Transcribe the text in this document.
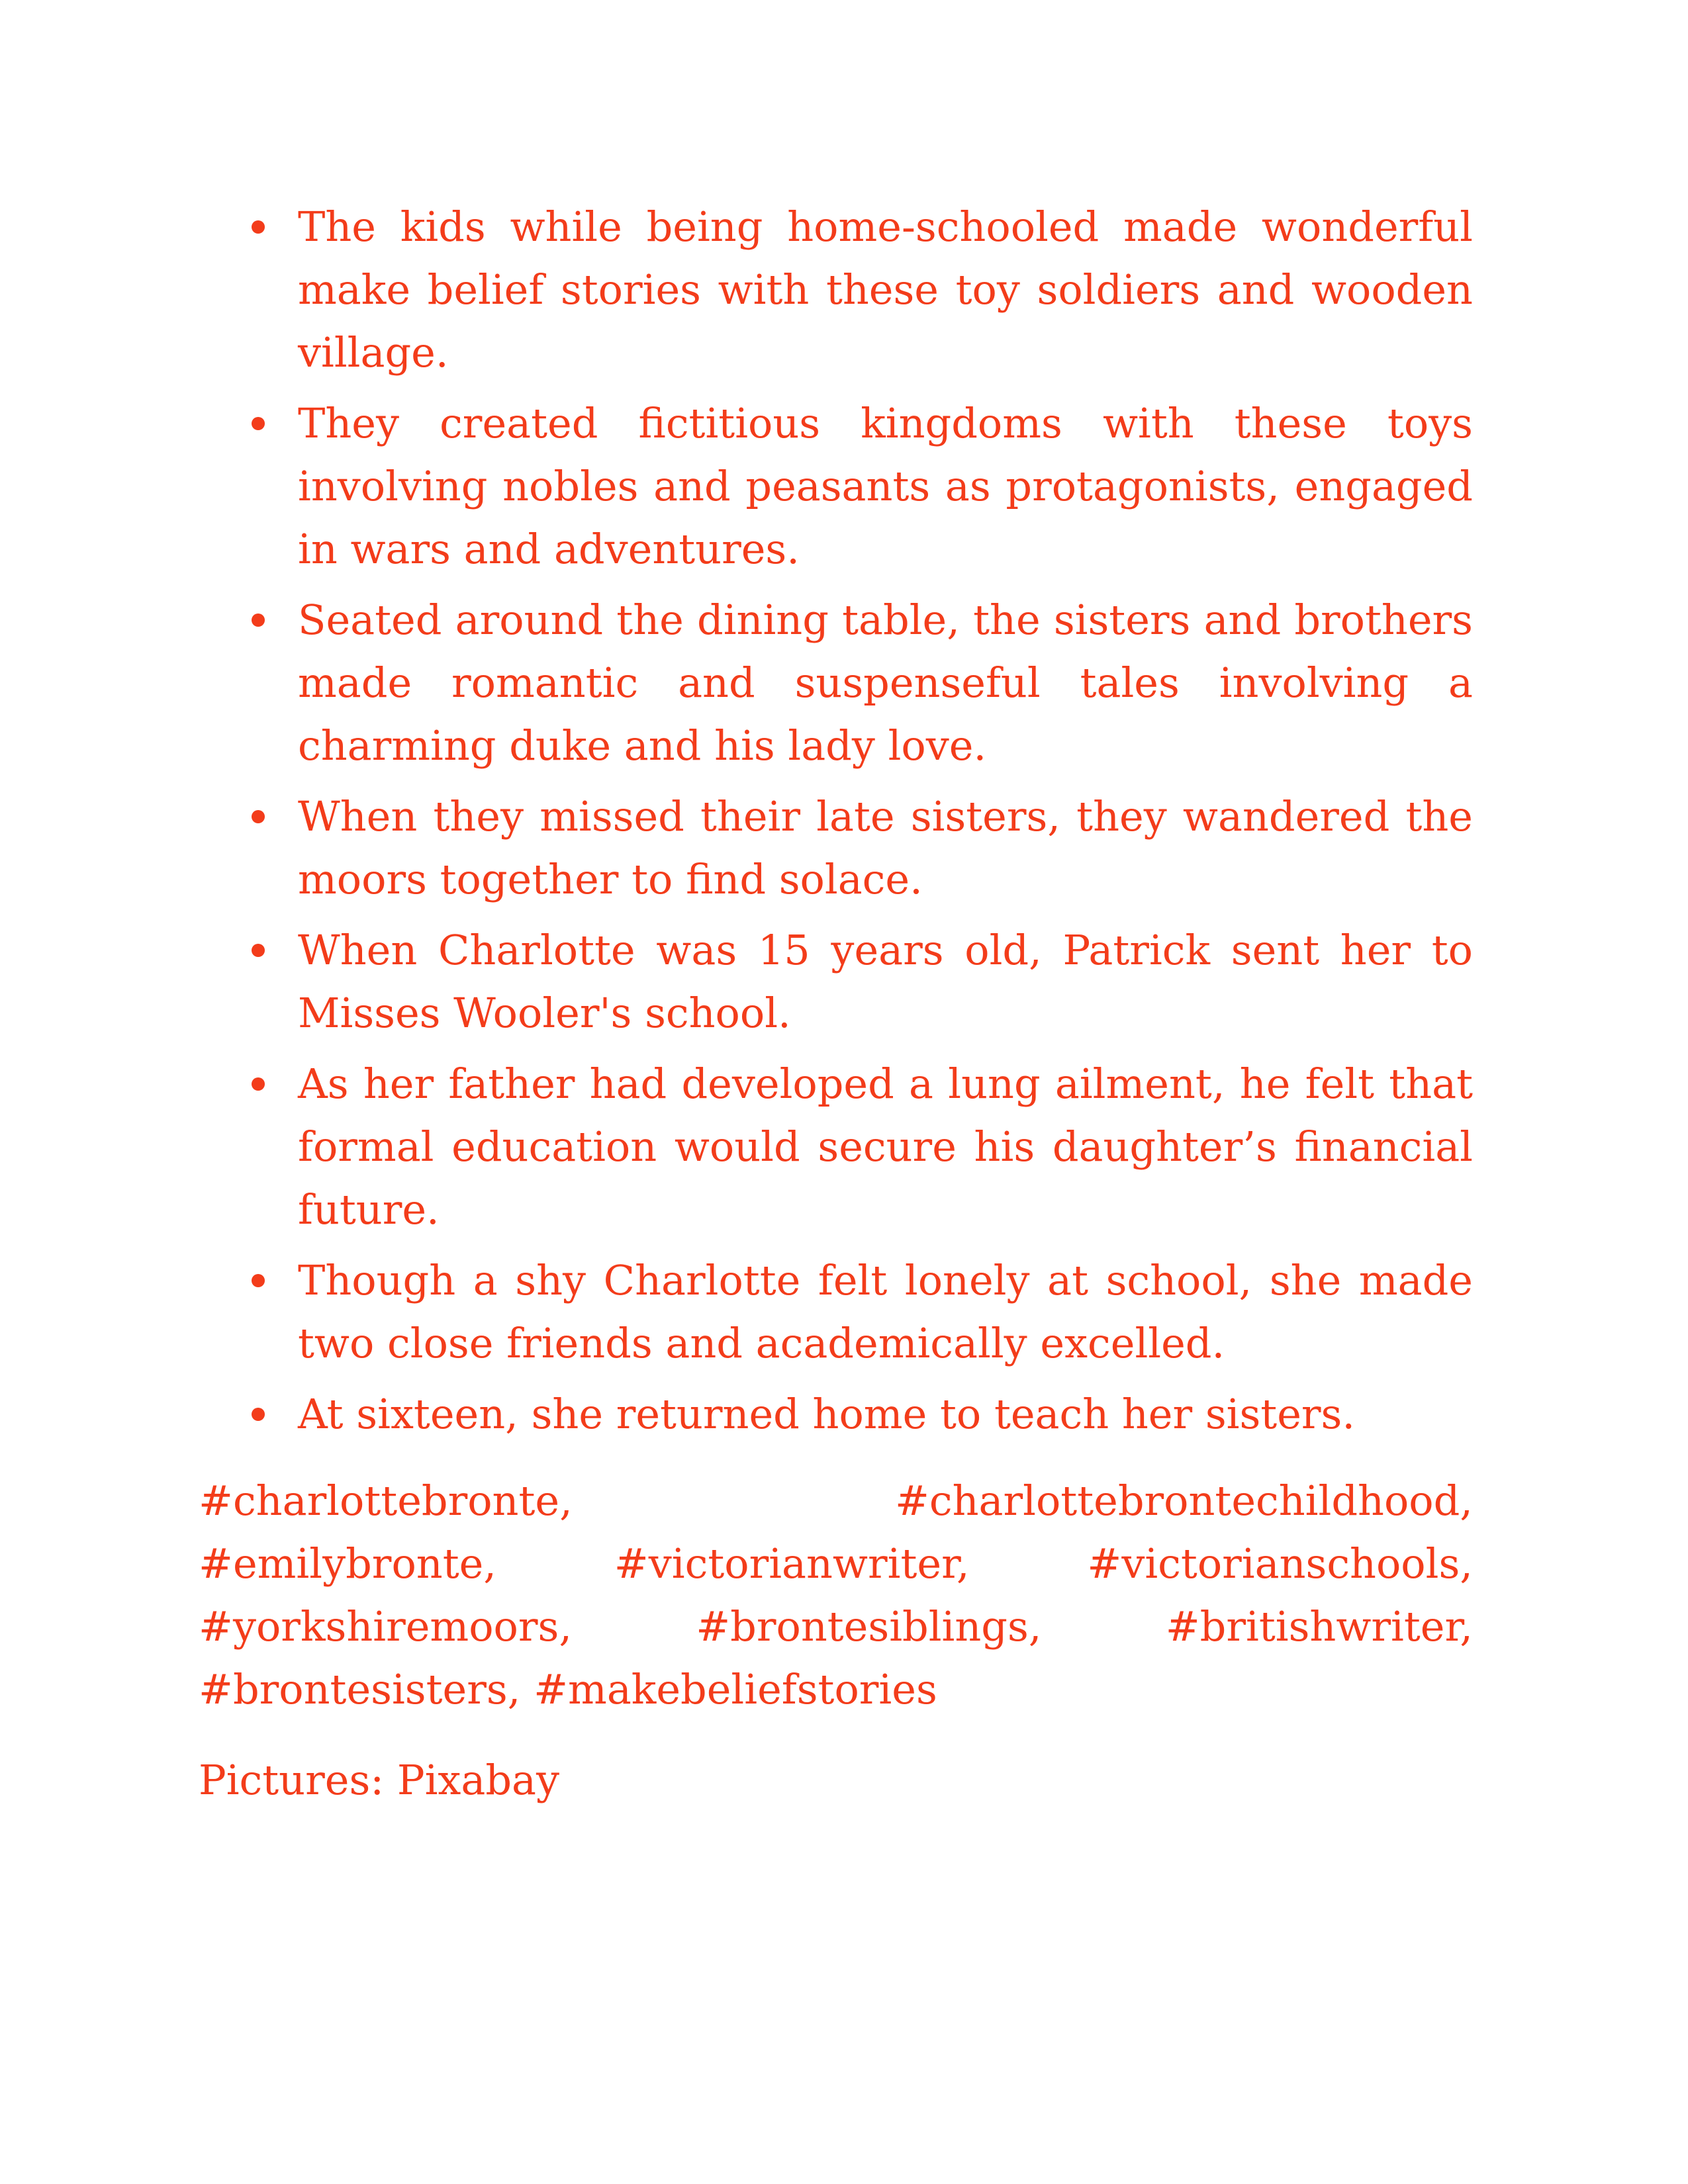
The kids while being home-schooled made wonderful make belief stories with these toy soldiers and wooden village.
They created fictitious kingdoms with these toys involving nobles and peasants as protagonists, engaged in wars and adventures.
Seated around the dining table, the sisters and brothers made romantic and suspenseful tales involving a charming duke and his lady love.
When they missed their late sisters, they wandered the moors together to find solace.
When Charlotte was 15 years old, Patrick sent her to Misses Wooler's school.
As her father had developed a lung ailment, he felt that formal education would secure his daughter’s financial future.
Though a shy Charlotte felt lonely at school, she made two close friends and academically excelled.
At sixteen, she returned home to teach her sisters.

#charlottebronte, #charlottebrontechildhood, #emilybronte, #victorianwriter, #victorianschools, #yorkshiremoors, #brontesiblings, #britishwriter, #brontesisters, #makebeliefstories

Pictures: Pixabay
